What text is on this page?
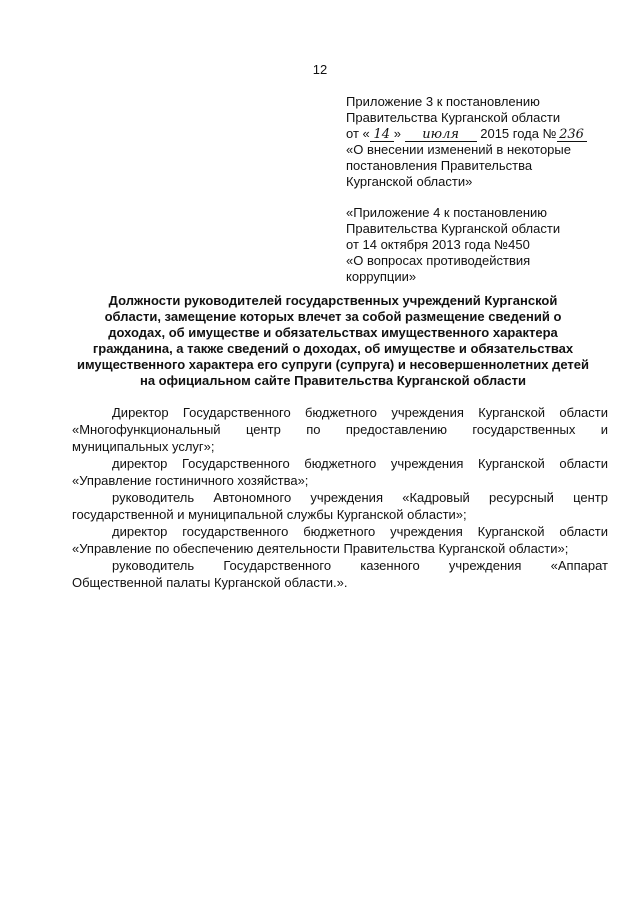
12
Приложение 3 к постановлению
Правительства Курганской области
от « 14 » июля 2015 года № 236
«О внесении изменений в некоторые
постановления Правительства
Курганской области»
«Приложение 4 к постановлению
Правительства Курганской области
от 14 октября 2013 года №450
«О вопросах противодействия
коррупции»
Должности руководителей государственных учреждений Курганской
области, замещение которых влечет за собой размещение сведений о
доходах, об имуществе и обязательствах имущественного характера
гражданина, а также сведений о доходах, об имуществе и обязательствах
имущественного характера его супруги (супруга) и несовершеннолетних детей
на официальном сайте Правительства Курганской области
Директор Государственного бюджетного учреждения Курганской области «Многофункциональный центр по предоставлению государственных и
муниципальных услуг»;
директор Государственного бюджетного учреждения Курганской области
«Управление гостиничного хозяйства»;
руководитель Автономного учреждения «Кадровый ресурсный центр
государственной и муниципальной службы Курганской области»;
директор государственного бюджетного учреждения Курганской области
«Управление по обеспечению деятельности Правительства Курганской области»;
руководитель Государственного казенного учреждения «Аппарат
Общественной палаты Курганской области.».
